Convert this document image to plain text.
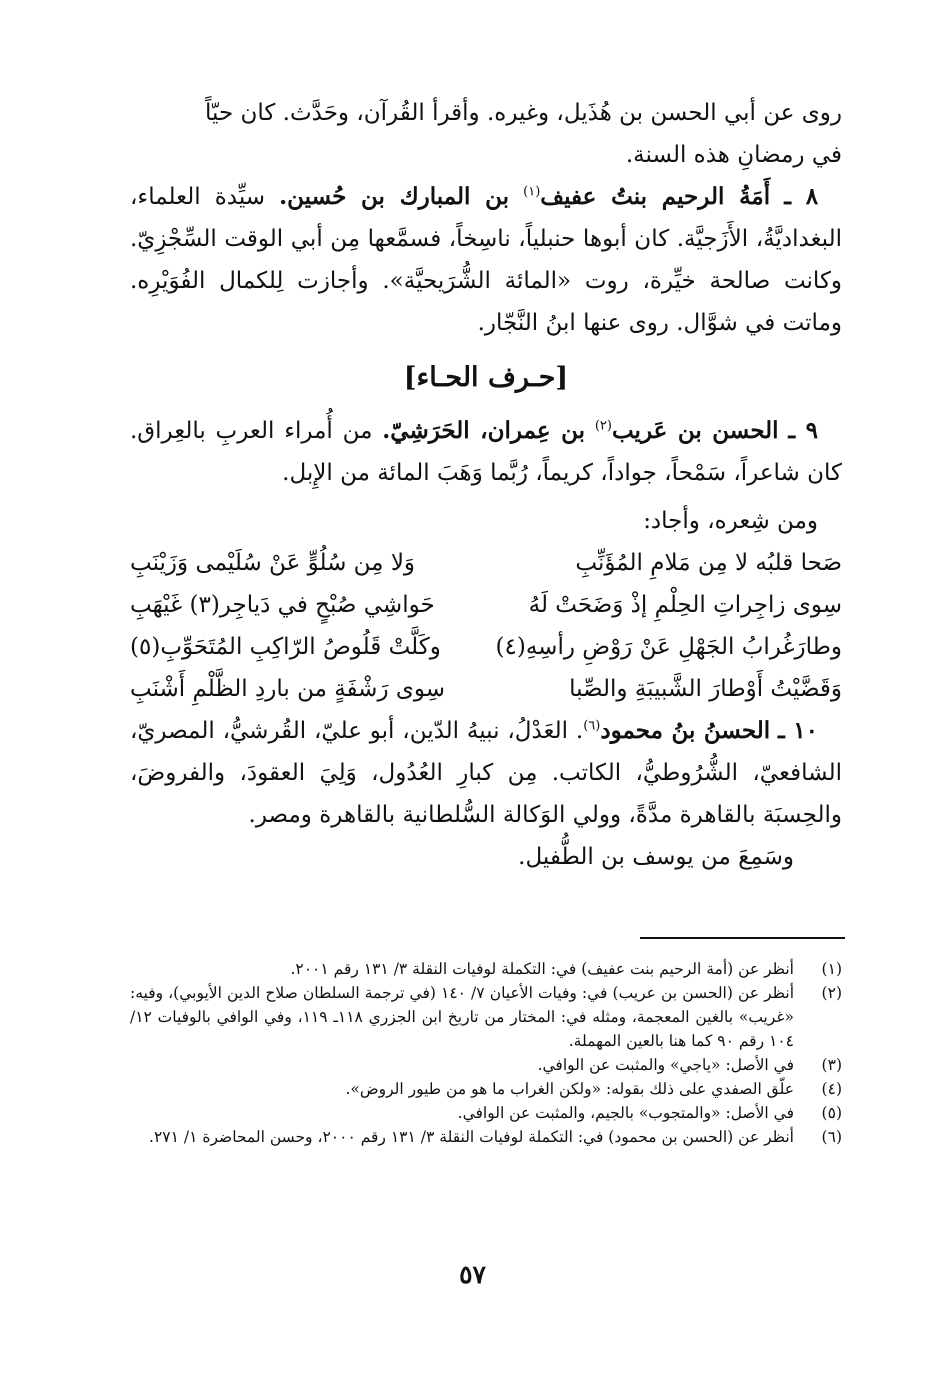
روى عن أبي الحسن بن هُذَيل، وغيره. وأقرأ القُرآن، وحَدَّث. كان حيّاً
في رمضانِ هذه السنة.

٨ ـ أَمَةُ الرحيم بنتُ عفيف$^{(١)}$ بن المبارك بن حُسين. سيِّدة العلماء، البغداديَّةُ، الأَزَجيَّة. كان أبوها حنبلياً، ناسِخاً، فسمَّعها مِن أبي الوقت السِّجْزِيّ. وكانت صالحة خيِّرة، روت «المائة الشُّرَيحيَّة». وأجازت لِلكمال الفُوَيْرِه. وماتت في شوَّال. روى عنها ابنُ النَّجّار.

[حـرف الحـاء]

٩ ـ الحسن بن عَريب$^{(٢)}$ بن عِمران، الحَرَشِيّ. من أُمراء العربِ بالعِراق. كان شاعراً، سَمْحاً، جواداً، كريماً، رُبَّما وَهَبَ المائة من الإِبل.

ومن شِعره، وأجاد:

صَحا قلبُه لا مِن مَلامِ المُؤَنِّبِ
وَلا مِن سُلُوٍّ عَنْ سُلَيْمى وَزَيْنَبِ
سِوى زاجِراتِ الحِلْمِ إذْ وَضَحَتْ لَهُ
حَواشِي صُبْحٍ في دَياجِر(٣) غَيْهَبِ
وطارَغُرابُ الجَهْلِ عَنْ رَوْضِ رأسِهِ(٤)
وكَلَّتْ قَلُوصُ الرّاكِبِ المُتَحَوِّبِ(٥)
وَقَضَّيْتُ أَوْطارَ الشَّبيبَةِ والصِّبا
سِوى رَشْفَةٍ من باردِ الظَّلْمِ أَشْنَبِ

١٠ ـ الحسنُ بنُ محمود$^{(٦)}$. العَدْلُ، نبيهُ الدّين، أبو عليّ، القُرشيُّ، المصريّ، الشافعيّ، الشُّرُوطيُّ، الكاتب. مِن كبارِ العُدُول، وَلِيَ العقودَ، والفروضَ، والحِسبَة بالقاهرة مدَّةً، وولي الوَكالة السُّلطانية بالقاهرة ومصر.

وسَمِعَ من يوسف بن الطُّفيل.

(١)
أنظر عن (أمة الرحيم بنت عفيف) في: التكملة لوفيات النقلة ٣/ ١٣١ رقم ٢٠٠١.
(٢)
أنظر عن (الحسن بن عريب) في: وفيات الأعيان ٧/ ١٤٠ (في ترجمة السلطان صلاح الدين الأيوبي)، وفيه: «غريب» بالغين المعجمة، ومثله في: المختار من تاريخ ابن الجزري ١١٨ـ ١١٩، وفي الوافي بالوفيات ١٢/ ١٠٤ رقم ٩٠ كما هنا بالعين المهملة.
(٣)
في الأصل: «ياجي» والمثبت عن الوافي.
(٤)
علّق الصفدي على ذلك بقوله: «ولكن الغراب ما هو من طيور الروض».
(٥)
في الأصل: «والمتجوب» بالجيم، والمثبت عن الوافي.
(٦)
أنظر عن (الحسن بن محمود) في: التكملة لوفيات النقلة ٣/ ١٣١ رقم ٢٠٠٠، وحسن المحاضرة ١/ ٢٧١.
٥٧
